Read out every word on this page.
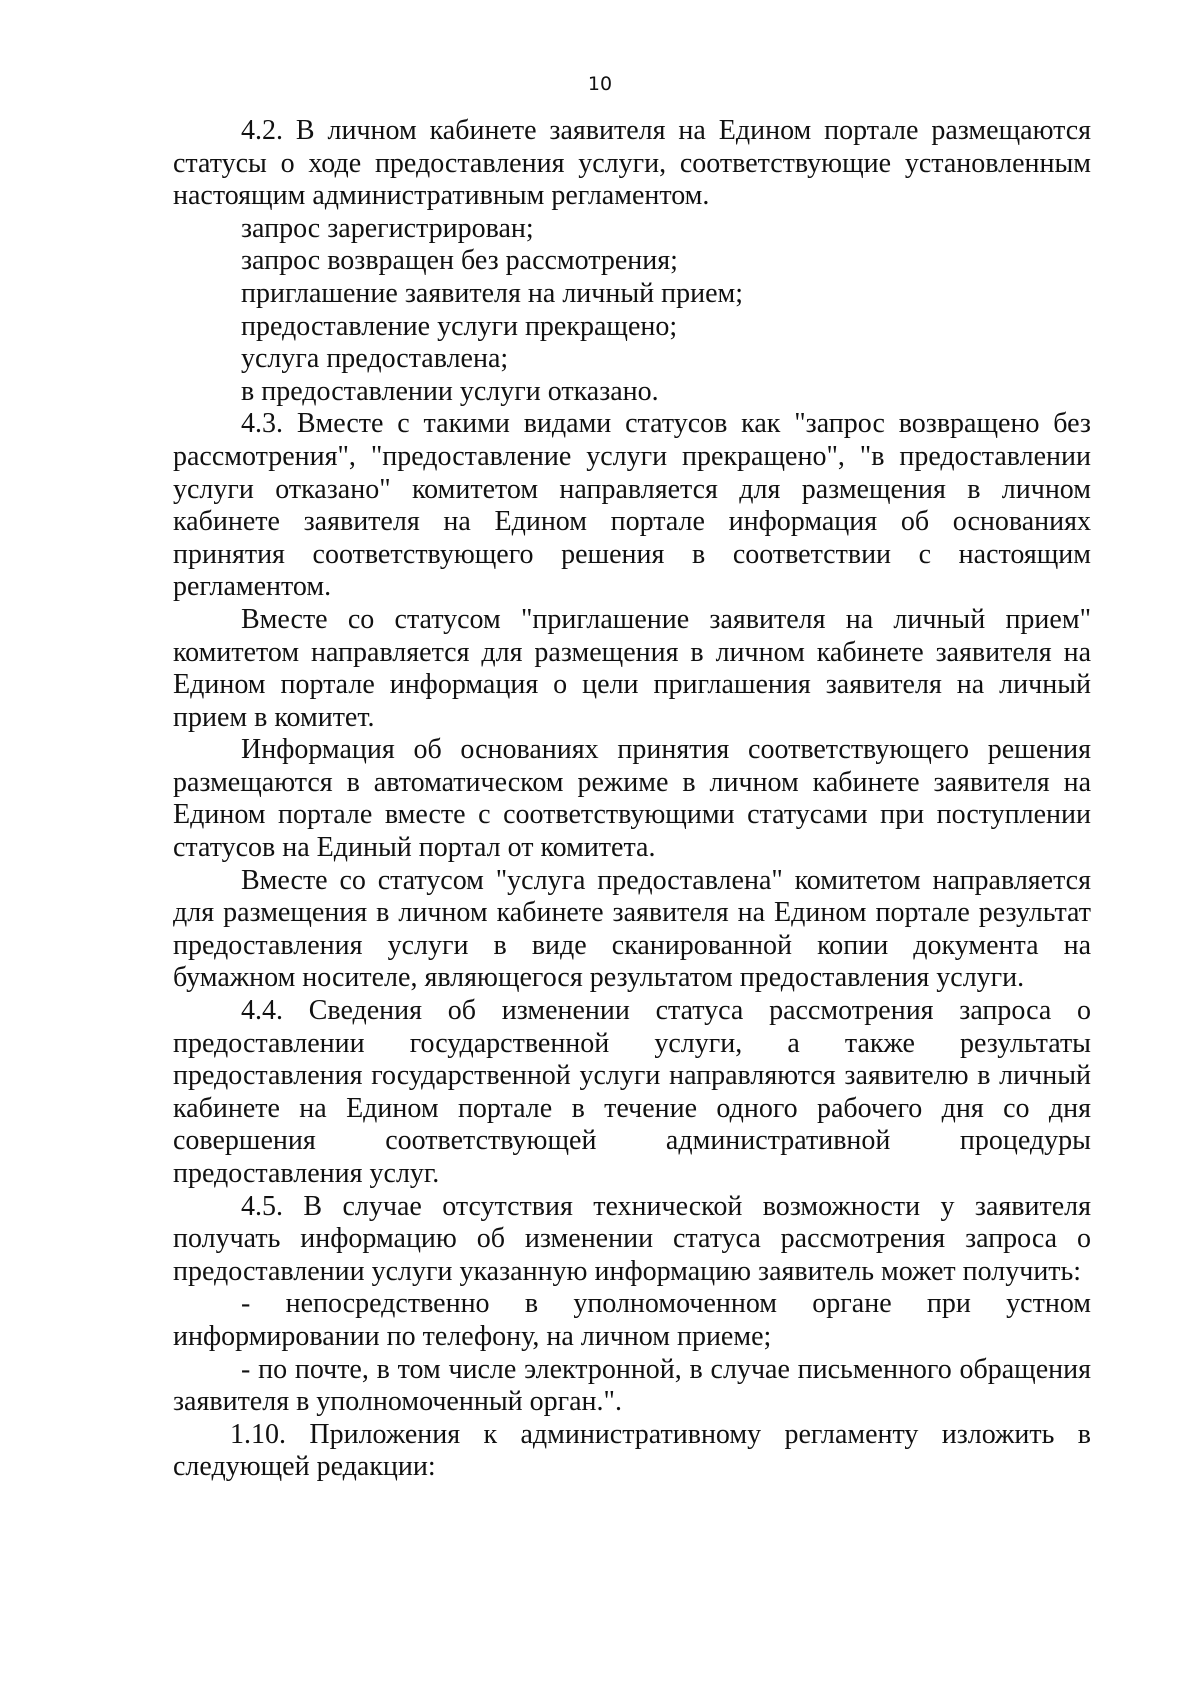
10

4.2. В личном кабинете заявителя на Едином портале размещаются статусы о ходе предоставления услуги, соответствующие установленным настоящим административным регламентом.

запрос зарегистрирован;

запрос возвращен без рассмотрения;

приглашение заявителя на личный прием;

предоставление услуги прекращено;

услуга предоставлена;

в предоставлении услуги отказано.

4.3. Вместе с такими видами статусов как "запрос возвращено без рассмотрения", "предоставление услуги прекращено", "в предоставлении услуги отказано" комитетом направляется для размещения в личном кабинете заявителя на Едином портале информация об основаниях принятия соответствующего решения в соответствии с настоящим регламентом.

Вместе со статусом "приглашение заявителя на личный прием" комитетом направляется для размещения в личном кабинете заявителя на Едином портале информация о цели приглашения заявителя на личный прием в комитет.

Информация об основаниях принятия соответствующего решения размещаются в автоматическом режиме в личном кабинете заявителя на Едином портале вместе с соответствующими статусами при поступлении статусов на Единый портал от комитета.

Вместе со статусом "услуга предоставлена" комитетом направляется для размещения в личном кабинете заявителя на Едином портале результат предоставления услуги в виде сканированной копии документа на бумажном носителе, являющегося результатом предоставления услуги.

4.4. Сведения об изменении статуса рассмотрения запроса о предоставлении государственной услуги, а также результаты предоставления государственной услуги направляются заявителю в личный кабинете на Едином портале в течение одного рабочего дня со дня совершения соответствующей административной процедуры предоставления услуг.

4.5. В случае отсутствия технической возможности у заявителя получать информацию об изменении статуса рассмотрения запроса о предоставлении услуги указанную информацию заявитель может получить:

- непосредственно в уполномоченном органе при устном информировании по телефону, на личном приеме;

- по почте, в том числе электронной, в случае письменного обращения заявителя в уполномоченный орган.".

1.10. Приложения к административному регламенту изложить в следующей редакции:
